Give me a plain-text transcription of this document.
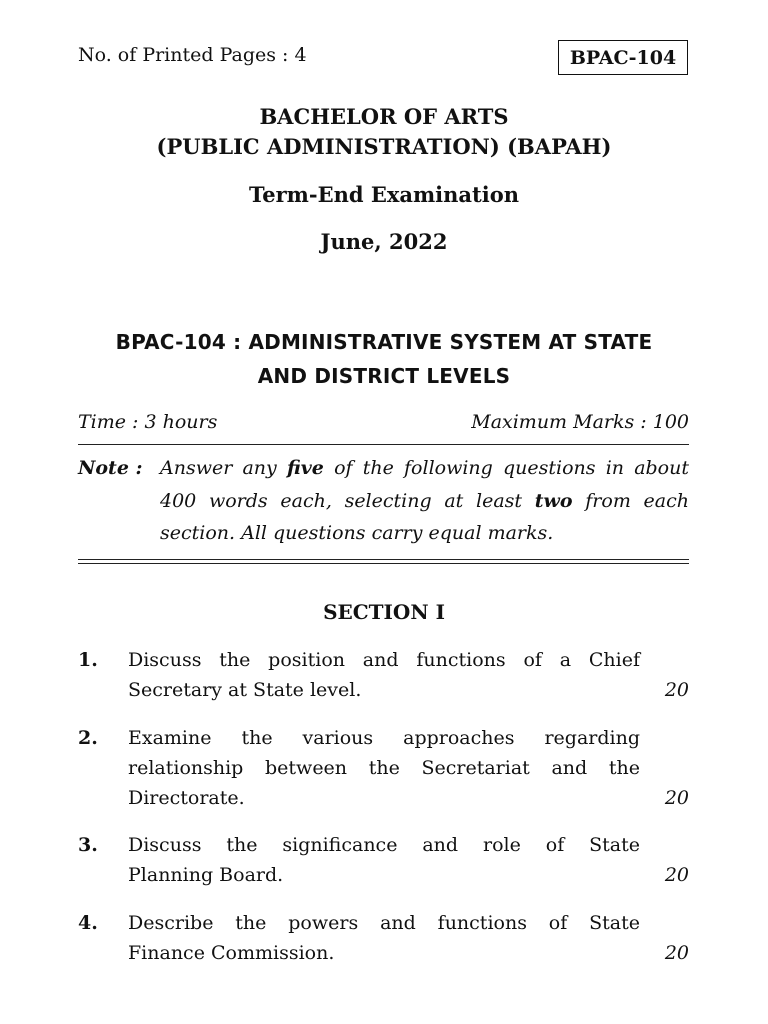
No. of Printed Pages : 4	BPAC-104
BACHELOR OF ARTS
(PUBLIC ADMINISTRATION) (BAPAH)
Term-End Examination
June, 2022
BPAC-104 : ADMINISTRATIVE SYSTEM AT STATE
AND DISTRICT LEVELS
Time : 3 hours	Maximum Marks : 100
Note : Answer any five of the following questions in about
400 words each, selecting at least two from each
section. All questions carry equal marks.
SECTION I
1. Discuss the position and functions of a Chief
Secretary at State level.	20
2. Examine the various approaches regarding
relationship between the Secretariat and the
Directorate.	20
3. Discuss the significance and role of State
Planning Board.	20
4. Describe the powers and functions of State
Finance Commission.	20
